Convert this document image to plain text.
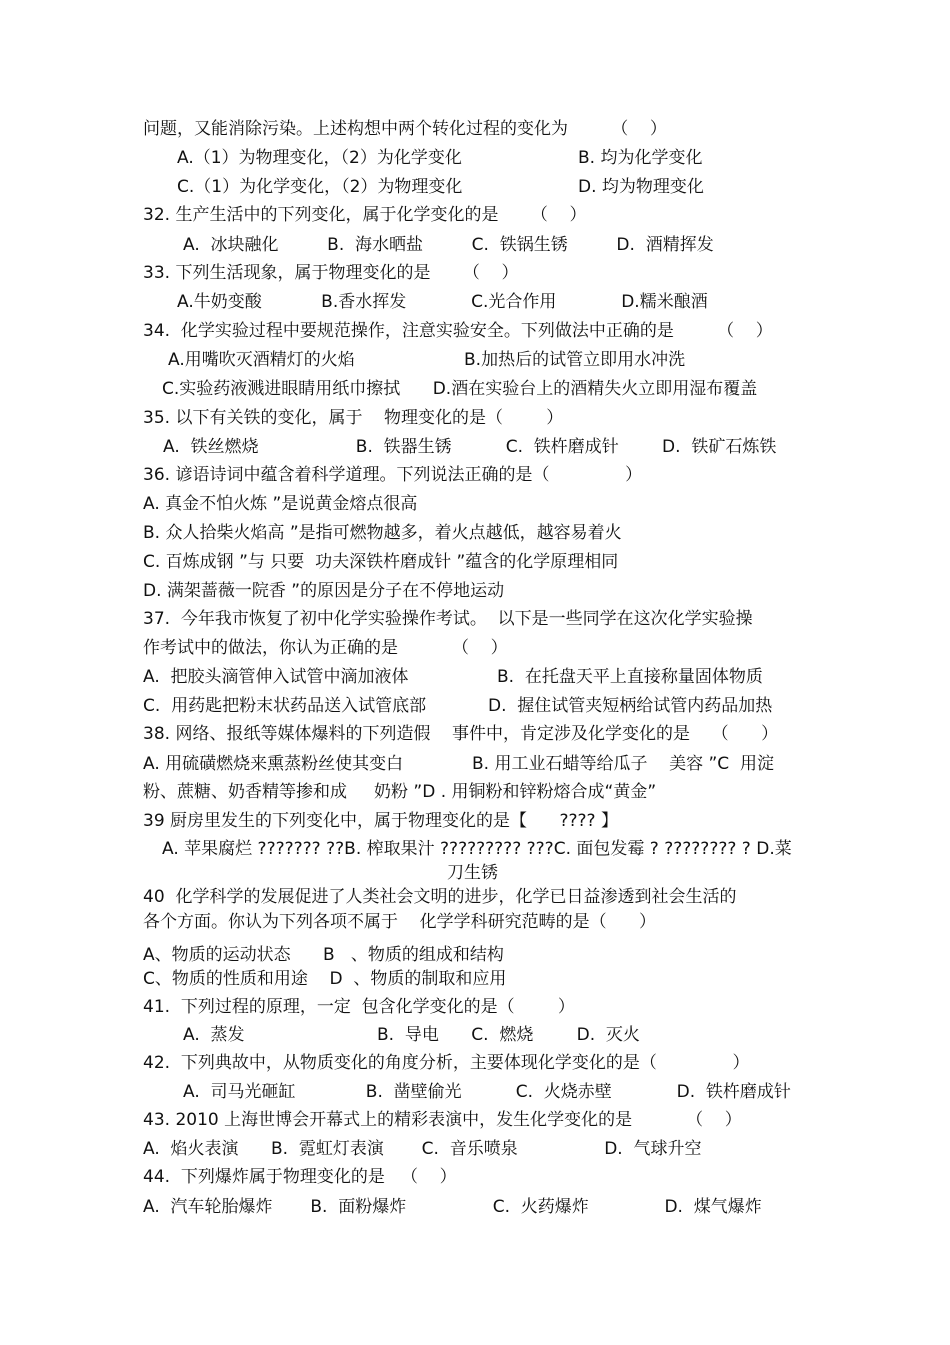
问题，又能消除污染。上述构想中两个转化过程的变化为        （    ）
A.（1）为物理变化，（2）为化学变化	B. 均为化学变化
C.（1）为化学变化，（2）为物理变化	D. 均为物理变化
32. 生产生活中的下列变化，属于化学变化的是      （    ）
A.  冰块融化         B.  海水晒盐         C.  铁锅生锈         D.  酒精挥发
33. 下列生活现象，属于物理变化的是      （    ）
A.牛奶变酸           B.香水挥发            C.光合作用            D.糯米酿酒
34.  化学实验过程中要规范操作，注意实验安全。下列做法中正确的是        （    ）
A.用嘴吹灭酒精灯的火焰	B.加热后的试管立即用水冲洗
C.实验药液溅进眼睛用纸巾擦拭      D.酒在实验台上的酒精失火立即用湿布覆盖
35. 以下有关铁的变化，属于    物理变化的是（        ）
A.  铁丝燃烧                  B.  铁器生锈          C.  铁杵磨成针        D.  铁矿石炼铁
36. 谚语诗词中蕴含着科学道理。下列说法正确的是（              ）
A. 真金不怕火炼 ”是说黄金熔点很高
B. 众人拾柴火焰高 ”是指可燃物越多，着火点越低，越容易着火
C. 百炼成钢 ”与 只要  功夫深铁杵磨成针 ”蕴含的化学原理相同
D. 满架蔷薇一院香 ”的原因是分子在不停地运动
37.  今年我市恢复了初中化学实验操作考试。  以下是一些同学在这次化学实验操
作考试中的做法，你认为正确的是          （    ）
A.  把胶头滴管伸入试管中滴加液体	B.  在托盘天平上直接称量固体物质
C.  用药匙把粉末状药品送入试管底部	D.  握住试管夹短柄给试管内药品加热
38. 网络、报纸等媒体爆料的下列造假    事件中，肯定涉及化学变化的是    （      ）
A. 用硫磺燃烧来熏蒸粉丝使其变白	B. 用工业石蜡等给瓜子    美容 ”C  用淀
粉、蔗糖、奶香精等掺和成     奶粉 ”D . 用铜粉和锌粉熔合成“黄金”
39 厨房里发生的下列变化中，属于物理变化的是【      ???? 】
A. 苹果腐烂 ??????? ??B. 榨取果汁 ????????? ???C. 面包发霉 ? ???????? ? D.菜
刀生锈
40  化学科学的发展促进了人类社会文明的进步，化学已日益渗透到社会生活的
各个方面。你认为下列各项不属于    化学学科研究范畴的是（      ）
A、物质的运动状态      B   、物质的组成和结构
C、物质的性质和用途    D  、物质的制取和应用
41.  下列过程的原理，一定  包含化学变化的是（        ）
A.  蒸发	B.  导电      C.  燃烧        D.  灭火
42.  下列典故中，从物质变化的角度分析，主要体现化学变化的是（              ）
A.  司马光砸缸             B.  凿壁偷光          C.  火烧赤壁            D.  铁杵磨成针
43. 2010 上海世博会开幕式上的精彩表演中，发生化学变化的是          （    ）
A.  焰火表演      B.  霓虹灯表演       C.  音乐喷泉                D.  气球升空
44.  下列爆炸属于物理变化的是   （    ）
A.  汽车轮胎爆炸       B.  面粉爆炸                C.  火药爆炸              D.  煤气爆炸
